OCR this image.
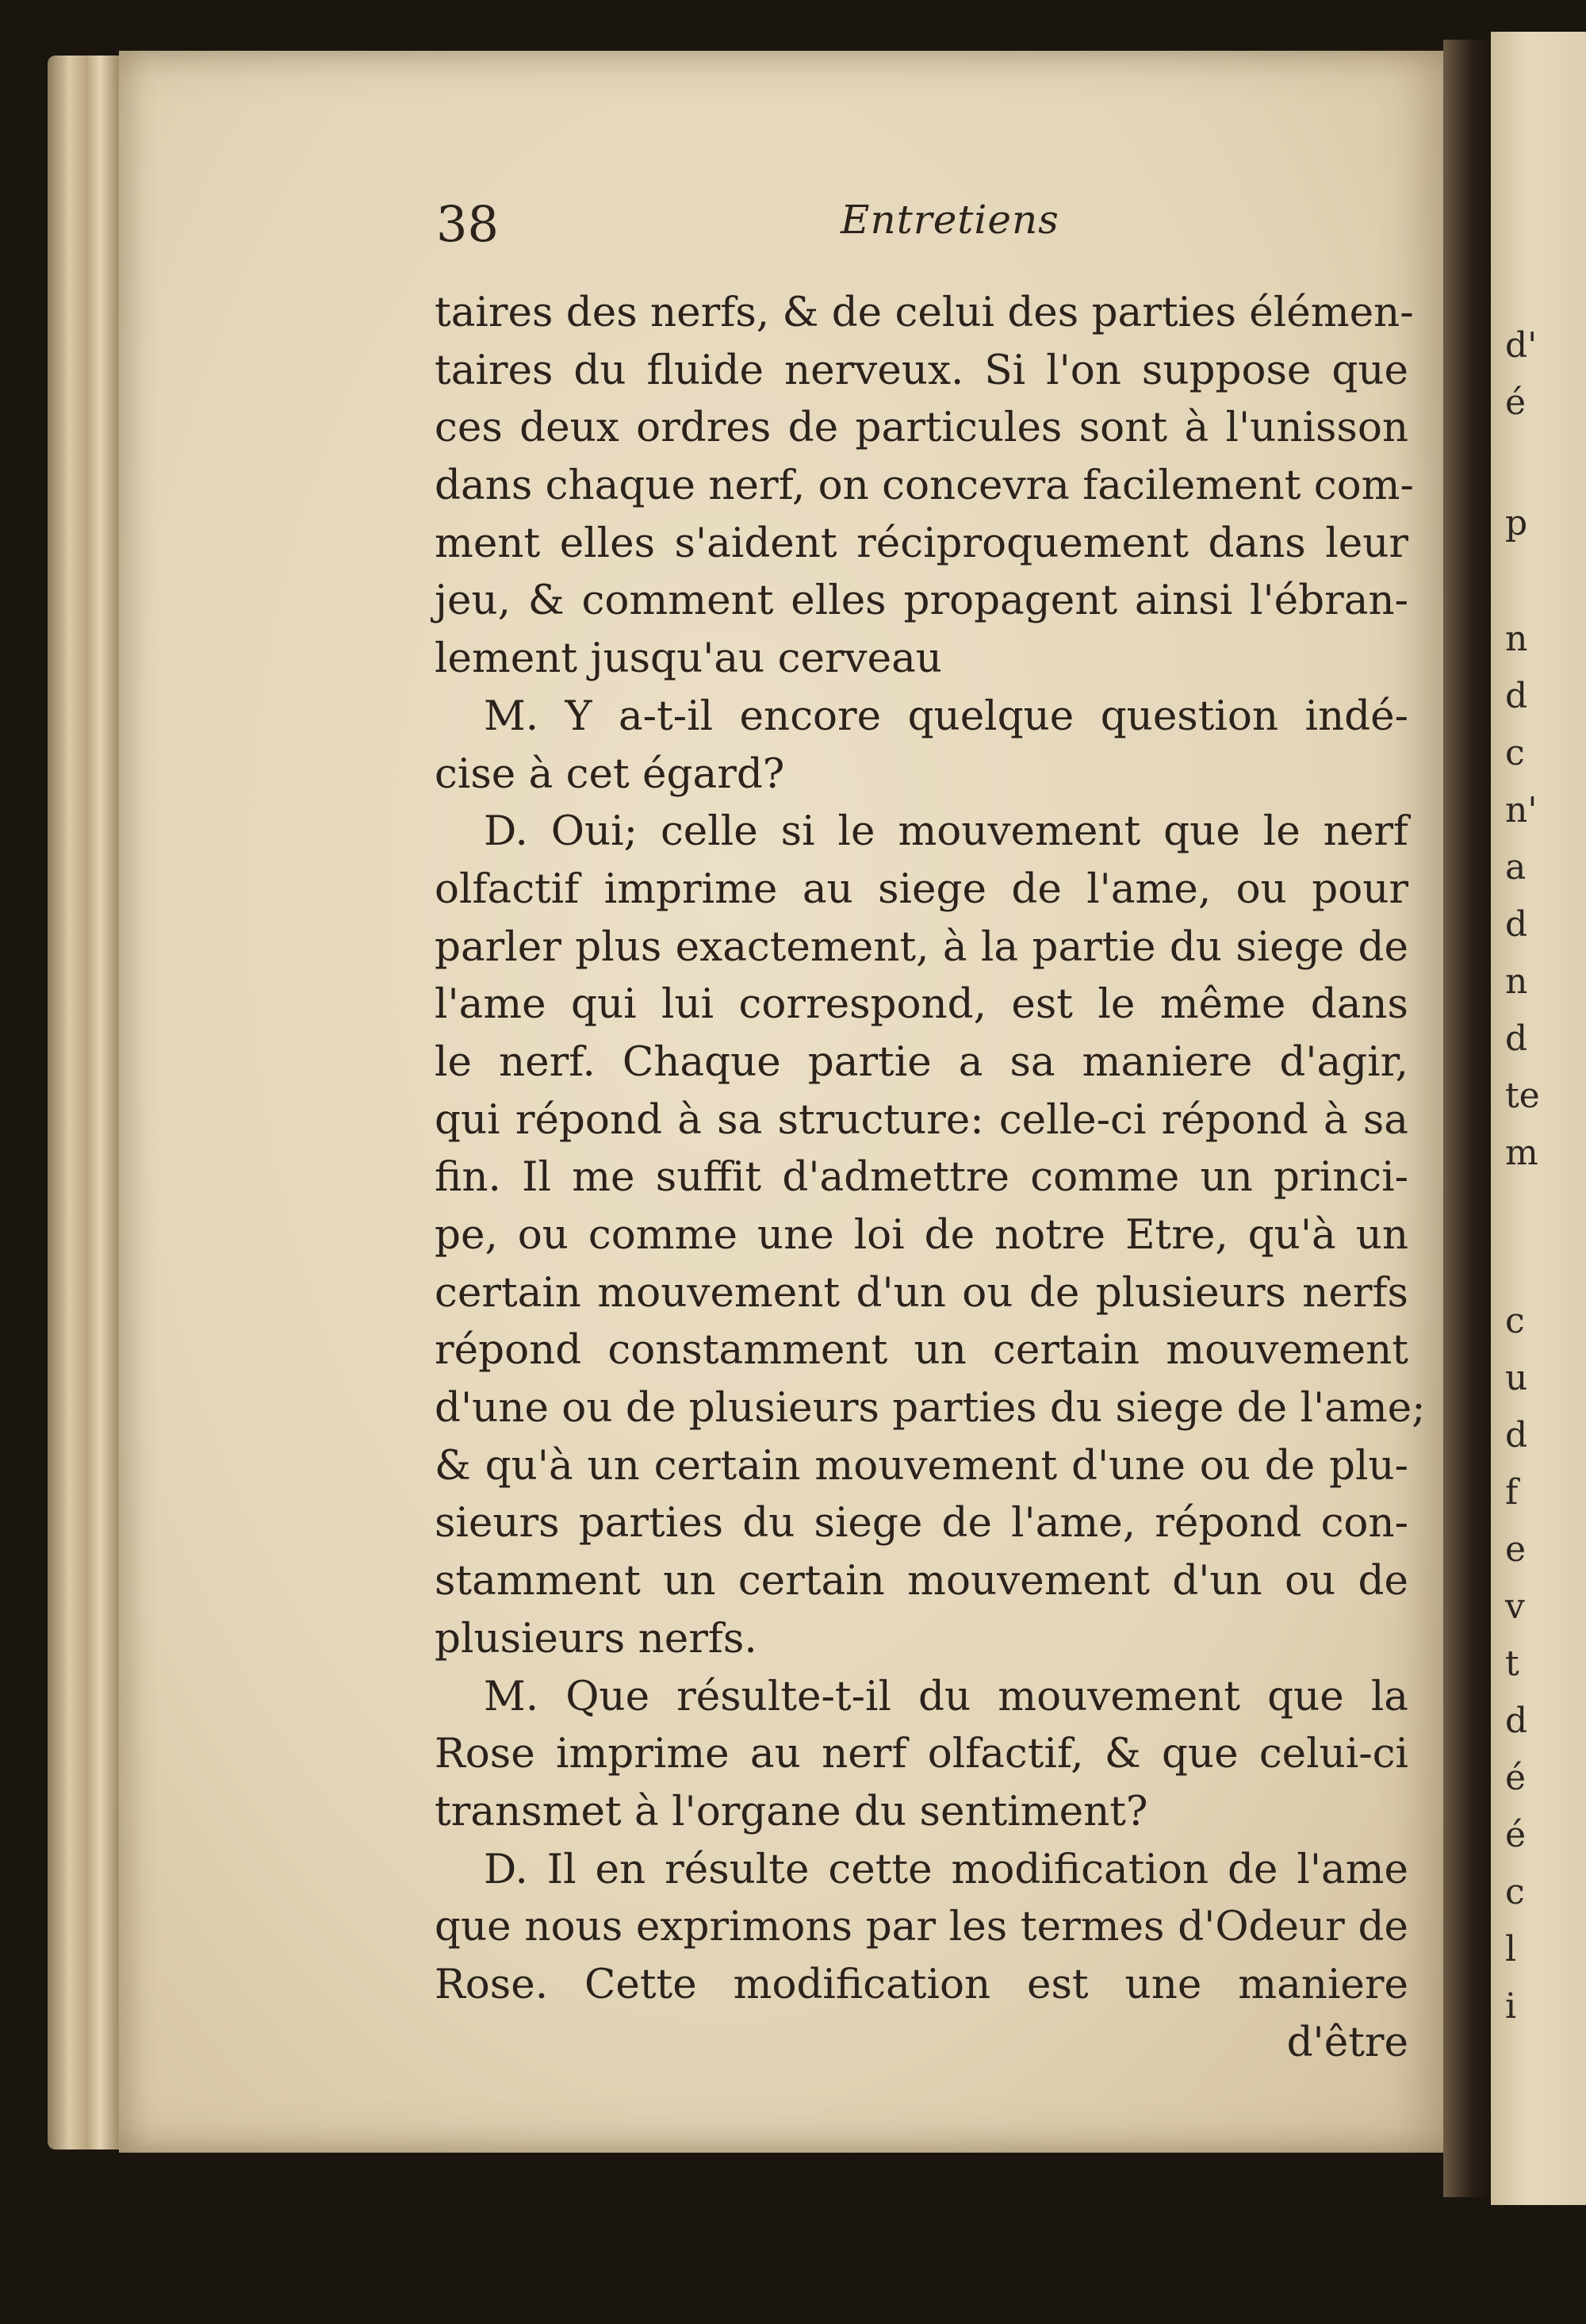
d'
é
p
n
d
c
n'
a
d
n
d
te
m
c
u
d
f
e
v
t
d
é
é
c
l
i
38	Entretiens
taires des nerfs, & de celui des parties élémen-
taires du fluide nerveux. Si l'on suppose que
ces deux ordres de particules sont à l'unisson
dans chaque nerf, on concevra facilement com-
ment elles s'aident réciproquement dans leur
jeu, & comment elles propagent ainsi l'ébran-
lement jusqu'au cerveau
M. Y a-t-il encore quelque question indé-
cise à cet égard?
D. Oui; celle si le mouvement que le nerf
olfactif imprime au siege de l'ame, ou pour
parler plus exactement, à la partie du siege de
l'ame qui lui correspond, est le même dans
le nerf. Chaque partie a sa maniere d'agir,
qui répond à sa structure: celle-ci répond à sa
fin. Il me suffit d'admettre comme un princi-
pe, ou comme une loi de notre Etre, qu'à un
certain mouvement d'un ou de plusieurs nerfs
répond constamment un certain mouvement
d'une ou de plusieurs parties du siege de l'ame;
& qu'à un certain mouvement d'une ou de plu-
sieurs parties du siege de l'ame, répond con-
stamment un certain mouvement d'un ou de
plusieurs nerfs.
M. Que résulte-t-il du mouvement que la
Rose imprime au nerf olfactif, & que celui-ci
transmet à l'organe du sentiment?
D. Il en résulte cette modification de l'ame
que nous exprimons par les termes d'Odeur de
Rose. Cette modification est une maniere
d'être
